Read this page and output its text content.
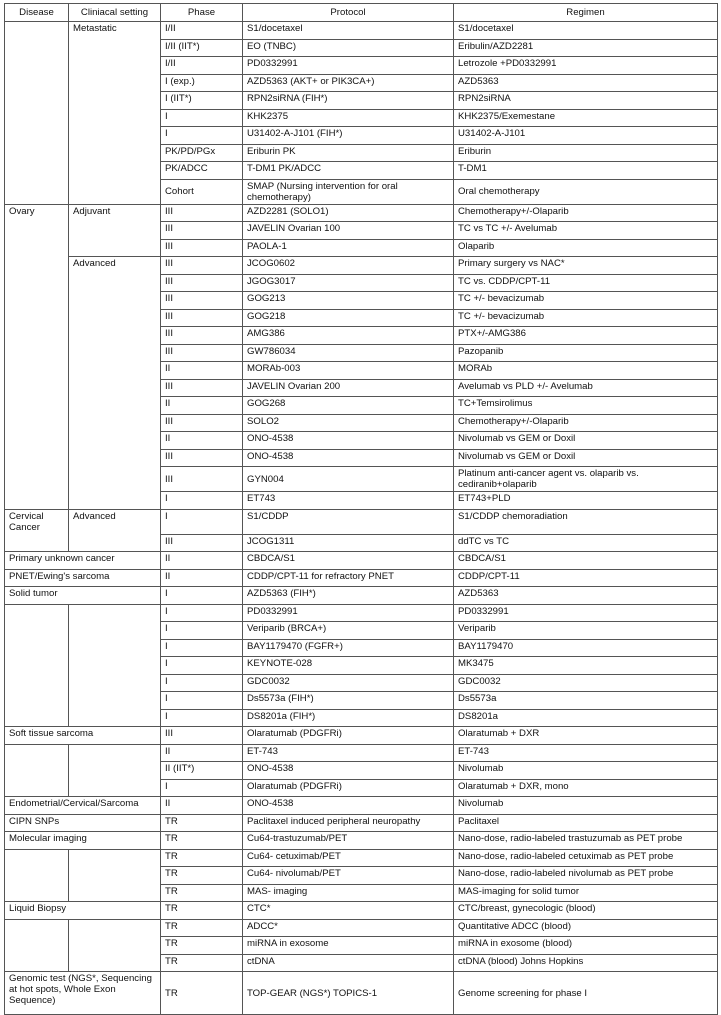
Disease	Cliniacal setting	Phase	Protocol	Regimen
	Metastatic	I/II	S1/docetaxel	S1/docetaxel
		I/II (IIT*)	EO (TNBC)	Eribulin/AZD2281
		I/II	PD0332991	Letrozole +PD0332991
		I (exp.)	AZD5363 (AKT+ or PIK3CA+)	AZD5363
		I (IIT*)	RPN2siRNA (FIH*)	RPN2siRNA
		I	KHK2375	KHK2375/Exemestane
		I	U31402-A-J101 (FIH*)	U31402-A-J101
		PK/PD/PGx	Eriburin PK	Eriburin
		PK/ADCC	T-DM1 PK/ADCC	T-DM1
		Cohort	SMAP (Nursing intervention for oral chemotherapy)	Oral chemotherapy
Ovary	Adjuvant	III	AZD2281 (SOLO1)	Chemotherapy+/-Olaparib
		III	JAVELIN Ovarian 100	TC vs TC +/- Avelumab
		III	PAOLA-1	Olaparib
	Advanced	III	JCOG0602	Primary surgery vs NAC*
		III	JGOG3017	TC vs. CDDP/CPT-11
		III	GOG213	TC +/- bevacizumab
		III	GOG218	TC +/- bevacizumab
		III	AMG386	PTX+/-AMG386
		III	GW786034	Pazopanib
		II	MORAb-003	MORAb
		III	JAVELIN Ovarian 200	Avelumab vs PLD +/- Avelumab
		II	GOG268	TC+Temsirolimus
		III	SOLO2	Chemotherapy+/-Olaparib
		II	ONO-4538	Nivolumab vs GEM or Doxil
		III	ONO-4538	Nivolumab vs GEM or Doxil
		III	GYN004	Platinum anti-cancer agent vs. olaparib vs. cediranib+olaparib
		I	ET743	ET743+PLD
Cervical Cancer	Advanced	I	S1/CDDP	S1/CDDP chemoradiation
		III	JCOG1311	ddTC vs TC
Primary unknown cancer		II	CBDCA/S1	CBDCA/S1
PNET/Ewing's sarcoma		II	CDDP/CPT-11 for refractory PNET	CDDP/CPT-11
Solid tumor		I	AZD5363 (FIH*)	AZD5363
		I	PD0332991	PD0332991
		I	Veriparib (BRCA+)	Veriparib
		I	BAY1179470 (FGFR+)	BAY1179470
		I	KEYNOTE-028	MK3475
		I	GDC0032	GDC0032
		I	Ds5573a (FIH*)	Ds5573a
		I	DS8201a (FIH*)	DS8201a
Soft tissue sarcoma		III	Olaratumab (PDGFRi)	Olaratumab + DXR
		II	ET-743	ET-743
		II (IIT*)	ONO-4538	Nivolumab
		I	Olaratumab (PDGFRi)	Olaratumab + DXR, mono
Endometrial/Cervical/Sarcoma		II	ONO-4538	Nivolumab
CIPN SNPs		TR	Paclitaxel induced peripheral neuropathy	Paclitaxel
Molecular imaging		TR	Cu64-trastuzumab/PET	Nano-dose, radio-labeled trastuzumab as PET probe
		TR	Cu64- cetuximab/PET	Nano-dose, radio-labeled cetuximab as PET probe
		TR	Cu64- nivolumab/PET	Nano-dose, radio-labeled nivolumab as PET probe
		TR	MAS- imaging	MAS-imaging for solid tumor
Liquid Biopsy		TR	CTC*	CTC/breast, gynecologic (blood)
		TR	ADCC*	Quantitative ADCC (blood)
		TR	miRNA in exosome	miRNA in exosome (blood)
		TR	ctDNA	ctDNA (blood) Johns Hopkins
Genomic test (NGS*, Sequencing at hot spots, Whole Exon Sequence)		TR	TOP-GEAR (NGS*) TOPICS-1	Genome screening for phase I
